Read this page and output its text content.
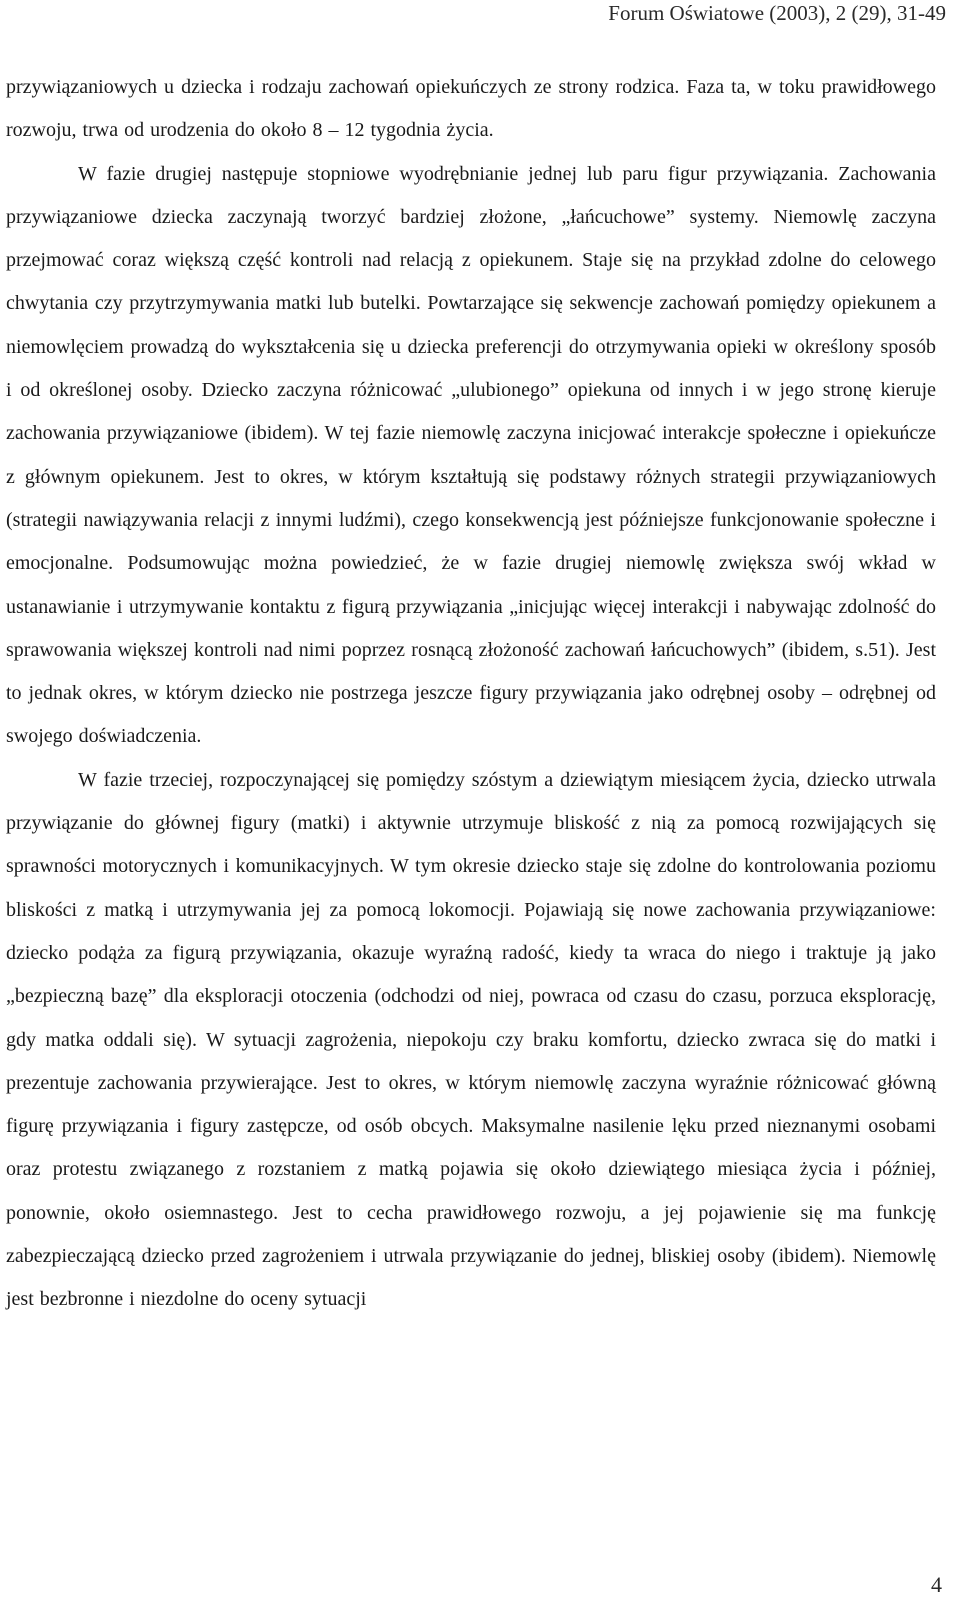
Forum Oświatowe (2003), 2 (29), 31-49

przywiązaniowych u dziecka i rodzaju zachowań opiekuńczych ze strony rodzica. Faza ta, w toku prawidłowego rozwoju, trwa od urodzenia do około 8 – 12 tygodnia życia.

W fazie drugiej następuje stopniowe wyodrębnianie jednej lub paru figur przywiązania. Zachowania przywiązaniowe dziecka zaczynają tworzyć bardziej złożone, „łańcuchowe” systemy. Niemowlę zaczyna przejmować coraz większą część kontroli nad relacją z opiekunem. Staje się na przykład zdolne do celowego chwytania czy przytrzymywania matki lub butelki. Powtarzające się sekwencje zachowań pomiędzy opiekunem a niemowlęciem prowadzą do wykształcenia się u dziecka preferencji do otrzymywania opieki w określony sposób i od określonej osoby. Dziecko zaczyna różnicować „ulubionego” opiekuna od innych i w jego stronę kieruje zachowania przywiązaniowe (ibidem). W tej fazie niemowlę zaczyna inicjować interakcje społeczne i opiekuńcze z głównym opiekunem. Jest to okres, w którym kształtują się podstawy różnych strategii przywiązaniowych (strategii nawiązywania relacji z innymi ludźmi), czego konsekwencją jest późniejsze funkcjonowanie społeczne i emocjonalne. Podsumowując można powiedzieć, że w fazie drugiej niemowlę zwiększa swój wkład w ustanawianie i utrzymywanie kontaktu z figurą przywiązania „inicjując więcej interakcji i nabywając zdolność do sprawowania większej kontroli nad nimi poprzez rosnącą złożoność zachowań łańcuchowych” (ibidem, s.51). Jest to jednak okres, w którym dziecko nie postrzega jeszcze figury przywiązania jako odrębnej osoby – odrębnej od swojego doświadczenia.

W fazie trzeciej, rozpoczynającej się pomiędzy szóstym a dziewiątym miesiącem życia, dziecko utrwala przywiązanie do głównej figury (matki) i aktywnie utrzymuje bliskość z nią za pomocą rozwijających się sprawności motorycznych i komunikacyjnych. W tym okresie dziecko staje się zdolne do kontrolowania poziomu bliskości z matką i utrzymywania jej za pomocą lokomocji. Pojawiają się nowe zachowania przywiązaniowe: dziecko podąża za figurą przywiązania, okazuje wyraźną radość, kiedy ta wraca do niego i traktuje ją jako „bezpieczną bazę” dla eksploracji otoczenia (odchodzi od niej, powraca od czasu do czasu, porzuca eksplorację, gdy matka oddali się). W sytuacji zagrożenia, niepokoju czy braku komfortu, dziecko zwraca się do matki i prezentuje zachowania przywierające. Jest to okres, w którym niemowlę zaczyna wyraźnie różnicować główną figurę przywiązania i figury zastępcze, od osób obcych. Maksymalne nasilenie lęku przed nieznanymi osobami oraz protestu związanego z rozstaniem z matką pojawia się około dziewiątego miesiąca życia i później, ponownie, około osiemnastego. Jest to cecha prawidłowego rozwoju, a jej pojawienie się ma funkcję zabezpieczającą dziecko przed zagrożeniem i utrwala przywiązanie do jednej, bliskiej osoby (ibidem). Niemowlę jest bezbronne i niezdolne do oceny sytuacji

4
